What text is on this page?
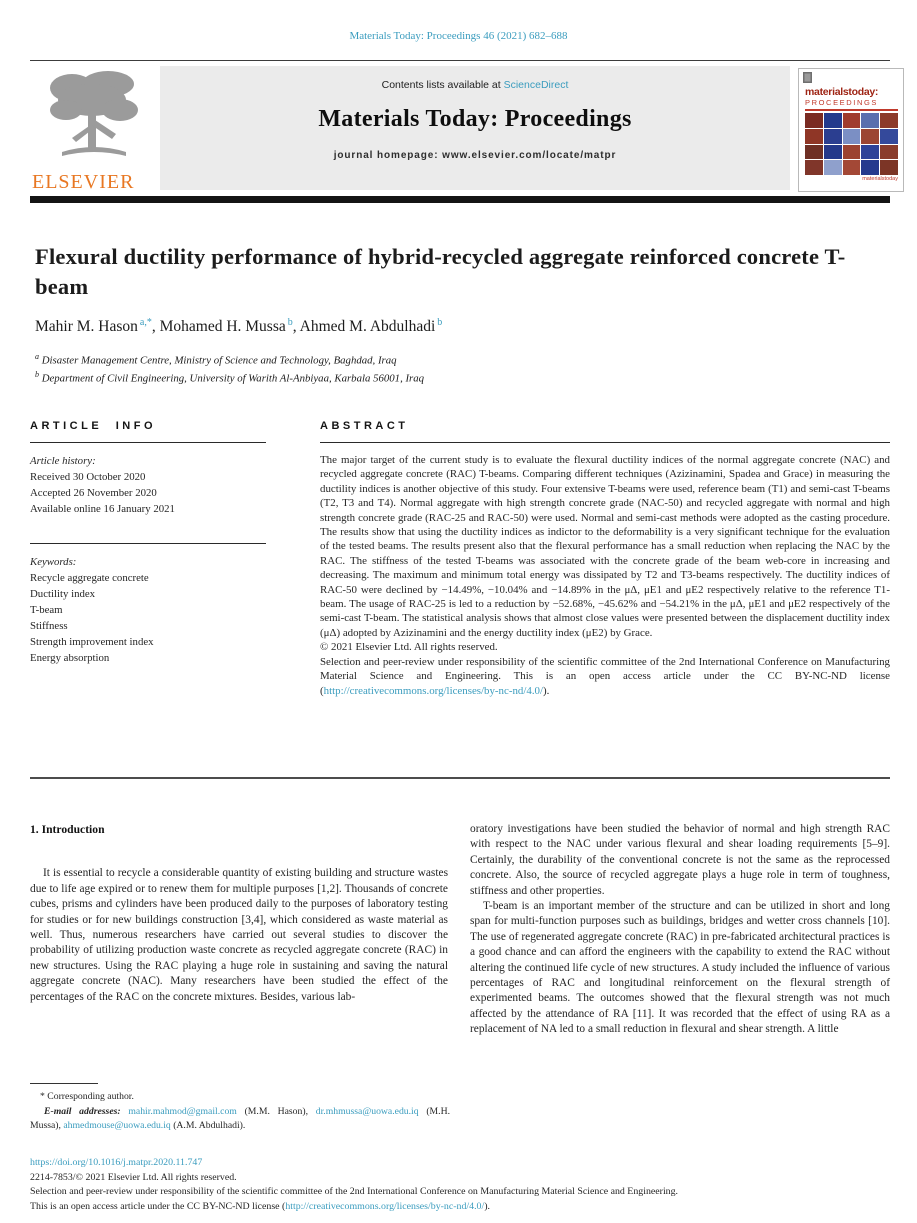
Materials Today: Proceedings 46 (2021) 682–688
ELSEVIER
Contents lists available at ScienceDirect
Materials Today: Proceedings
journal homepage: www.elsevier.com/locate/matpr
materialstoday:
PROCEEDINGS
materialstoday
Flexural ductility performance of hybrid-recycled aggregate reinforced concrete T-beam
Mahir M. Hason $^{a,*}$, Mohamed H. Mussa $^b$, Ahmed M. Abdulhadi $^b$
$^a$ Disaster Management Centre, Ministry of Science and Technology, Baghdad, Iraq
$^b$ Department of Civil Engineering, University of Warith Al-Anbiyaa, Karbala 56001, Iraq
ARTICLE INFO
Article history:
Received 30 October 2020
Accepted 26 November 2020
Available online 16 January 2021
Keywords:
Recycle aggregate concrete
Ductility index
T-beam
Stiffness
Strength improvement index
Energy absorption
ABSTRACT

The major target of the current study is to evaluate the flexural ductility indices of the normal aggregate concrete (NAC) and recycled aggregate concrete (RAC) T-beams. Comparing different techniques (Azizinamini, Spadea and Grace) in measuring the ductility indices is another objective of this study. Four extensive T-beams were used, reference beam (T1) and semi-cast T-beams (T2, T3 and T4). Normal aggregate with high strength concrete grade (NAC-50) and recycled aggregate with normal and high strength concrete grade (RAC-25 and RAC-50) were used. Normal and semi-cast methods were adopted as the casting procedure. The results show that using the ductility indices as indictor to the deformability is a very significant technique for the evaluation of the tested beams. The results present also that the flexural performance has a small reduction when replacing the NAC by the RAC. The stiffness of the tested T-beams was associated with the concrete grade of the beam web-core in increasing and decreasing. The maximum and minimum total energy was dissipated by T2 and T3-beams respectively. The ductility indices of RAC-50 were declined by −14.49%, −10.04% and −14.89% in the μΔ, μE1 and μE2 respectively relative to the reference T1-beam. The usage of RAC-25 is led to a reduction by −52.68%, −45.62% and −54.21% in the μΔ, μE1 and μE2 respectively of the semi-cast T-beam. The statistical analysis shows that almost close values were presented between the displacement ductility index (μΔ) adopted by Azizinamini and the energy ductility index (μE2) by Grace.

© 2021 Elsevier Ltd. All rights reserved.

Selection and peer-review under responsibility of the scientific committee of the 2nd International Conference on Manufacturing Material Science and Engineering. This is an open access article under the CC BY-NC-ND license (http://creativecommons.org/licenses/by-nc-nd/4.0/).

1. Introduction

It is essential to recycle a considerable quantity of existing building and structure wastes due to life age expired or to renew them for multiple purposes [1,2]. Thousands of concrete cubes, prisms and cylinders have been produced daily to the purposes of laboratory testing for studies or for new buildings construction [3,4], which considered as waste material as well. Thus, numerous researchers have carried out several studies to discover the probability of utilizing production waste concrete as recycled aggregate concrete (RAC) in new structures. Using the RAC playing a huge role in sustaining and saving the natural aggregate concrete (NAC). Many researchers have been studied the effect of the percentages of the RAC on the concrete mixtures. Besides, various lab-

oratory investigations have been studied the behavior of normal and high strength RAC with respect to the NAC under various flexural and shear loading requirements [5–9]. Certainly, the durability of the conventional concrete is not the same as the reprocessed concrete. Also, the source of recycled aggregate plays a huge role in term of toughness, stiffness and other properties.

T-beam is an important member of the structure and can be utilized in short and long span for multi-function purposes such as buildings, bridges and wetter cross channels [10]. The use of regenerated aggregate concrete (RAC) in pre-fabricated architectural practices is a good chance and can afford the engineers with the capability to extend the RAC without altering the continued life cycle of new structures. A study included the influence of various percentages of RAC and longitudinal reinforcement on the flexural strength of experimented beams. The outcomes showed that the flexural strength was not much affected by the attendance of RA [11]. It was recorded that the effect of using RA as a replacement of NA led to a small reduction in flexural and shear strength. A little

* Corresponding author.
E-mail addresses: mahir.mahmod@gmail.com (M.M. Hason), dr.mhmussa@uowa.edu.iq (M.H. Mussa), ahmedmouse@uowa.edu.iq (A.M. Abdulhadi).
https://doi.org/10.1016/j.matpr.2020.11.747
2214-7853/© 2021 Elsevier Ltd. All rights reserved.
Selection and peer-review under responsibility of the scientific committee of the 2nd International Conference on Manufacturing Material Science and Engineering.
This is an open access article under the CC BY-NC-ND license (http://creativecommons.org/licenses/by-nc-nd/4.0/).
